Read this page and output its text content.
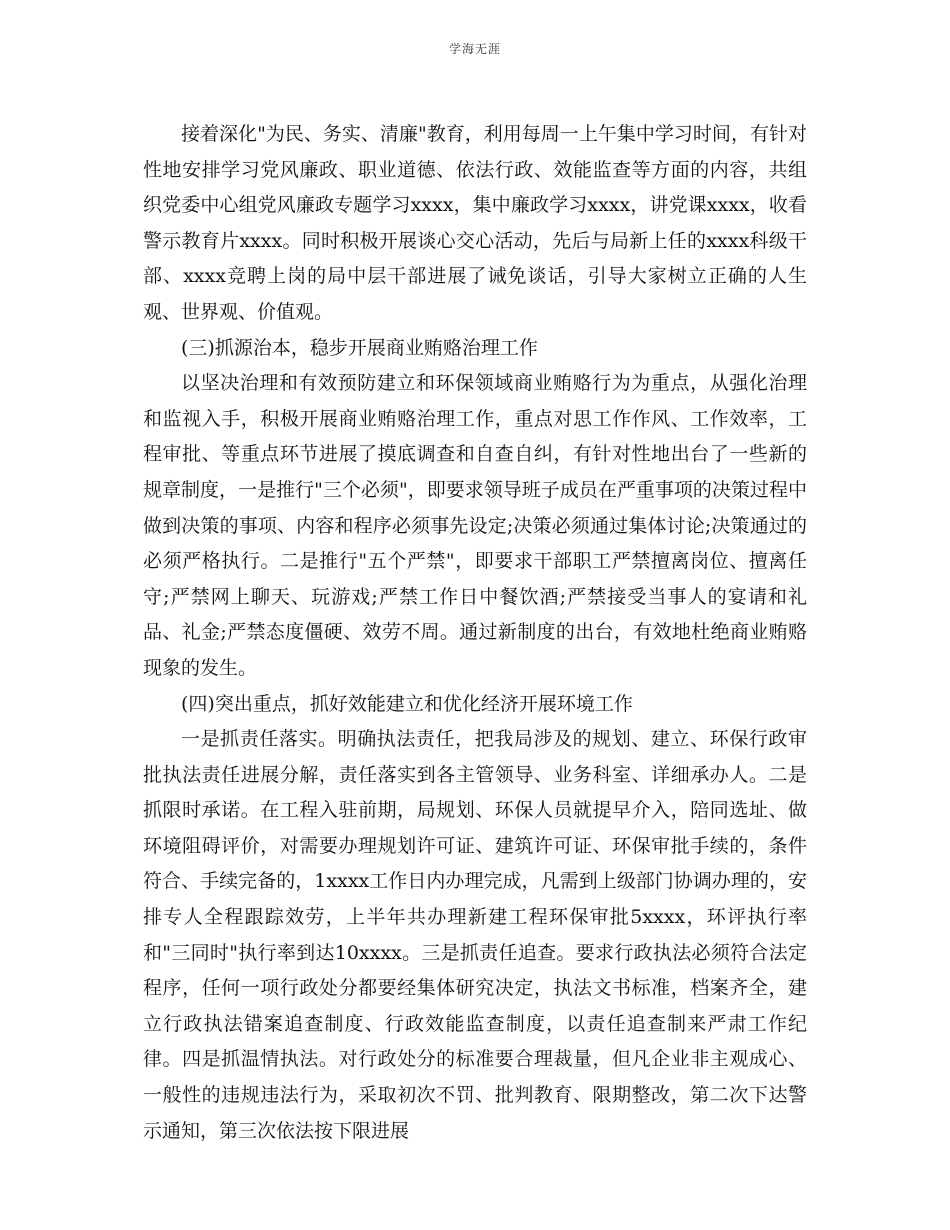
学海无涯

接着深化"为民、务实、清廉"教育，利用每周一上午集中学习时间，有针对性地安排学习党风廉政、职业道德、依法行政、效能监查等方面的内容，共组织党委中心组党风廉政专题学习xxxx，集中廉政学习xxxx，讲党课xxxx，收看警示教育片xxxx。同时积极开展谈心交心活动，先后与局新上任的xxxx科级干部、xxxx竞聘上岗的局中层干部进展了诫免谈话，引导大家树立正确的人生观、世界观、价值观。

(三)抓源治本，稳步开展商业贿赂治理工作

以坚决治理和有效预防建立和环保领域商业贿赂行为为重点，从强化治理和监视入手，积极开展商业贿赂治理工作，重点对思工作作风、工作效率，工程审批、等重点环节进展了摸底调查和自查自纠，有针对性地出台了一些新的规章制度，一是推行"三个必须"，即要求领导班子成员在严重事项的决策过程中做到决策的事项、内容和程序必须事先设定;决策必须通过集体讨论;决策通过的必须严格执行。二是推行"五个严禁"，即要求干部职工严禁擅离岗位、擅离任守;严禁网上聊天、玩游戏;严禁工作日中餐饮酒;严禁接受当事人的宴请和礼品、礼金;严禁态度僵硬、效劳不周。通过新制度的出台，有效地杜绝商业贿赂现象的发生。

(四)突出重点，抓好效能建立和优化经济开展环境工作

一是抓责任落实。明确执法责任，把我局涉及的规划、建立、环保行政审批执法责任进展分解，责任落实到各主管领导、业务科室、详细承办人。二是抓限时承诺。在工程入驻前期，局规划、环保人员就提早介入，陪同选址、做环境阻碍评价，对需要办理规划许可证、建筑许可证、环保审批手续的，条件符合、手续完备的，1xxxx工作日内办理完成，凡需到上级部门协调办理的，安排专人全程跟踪效劳，上半年共办理新建工程环保审批5xxxx，环评执行率和"三同时"执行率到达10xxxx。三是抓责任追查。要求行政执法必须符合法定程序，任何一项行政处分都要经集体研究决定，执法文书标准，档案齐全，建立行政执法错案追查制度、行政效能监查制度，以责任追查制来严肃工作纪律。四是抓温情执法。对行政处分的标准要合理裁量，但凡企业非主观成心、一般性的违规违法行为，采取初次不罚、批判教育、限期整改，第二次下达警示通知，第三次依法按下限进展
